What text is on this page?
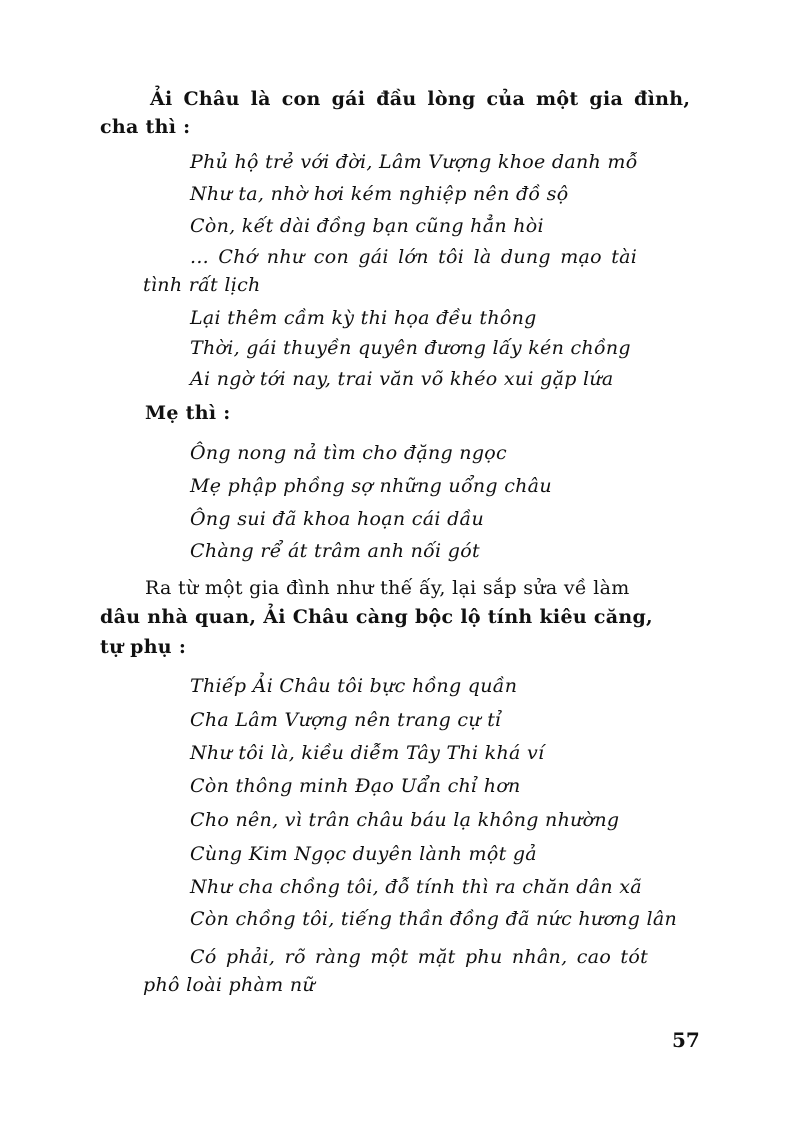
Ải Châu là con gái đầu lòng của một gia đình,
cha thì :
Phủ hộ trẻ với đời, Lâm Vượng khoe danh mỗ
Như ta, nhờ hơi kém nghiệp nên đồ sộ
Còn, kết dài đồng bạn cũng hẳn hòi
... Chớ như con gái lớn tôi là dung mạo tài
tình rất lịch
Lại thêm cầm kỳ thi họa đều thông
Thời, gái thuyền quyên đương lấy kén chồng
Ai ngờ tới nay, trai văn võ khéo xui gặp lứa
Mẹ thì :
Ông nong nả tìm cho đặng ngọc
Mẹ phập phồng sợ những uổng châu
Ông sui đã khoa hoạn cái dầu
Chàng rể át trâm anh nối gót
Ra từ một gia đình như thế ấy, lại sắp sửa về làm
dâu nhà quan, Ải Châu càng bộc lộ tính kiêu căng,
tự phụ :
Thiếp Ải Châu tôi bực hồng quần
Cha Lâm Vượng nên trang cự tỉ
Như tôi là, kiều diễm Tây Thi khá ví
Còn thông minh Đạo Uẩn chỉ hơn
Cho nên, vì trân châu báu lạ không nhường
Cùng Kim Ngọc duyên lành một gả
Như cha chồng tôi, đỗ tính thì ra chăn dân xã
Còn chồng tôi, tiếng thần đồng đã nức hương lân
Có phải, rõ ràng một mặt phu nhân, cao tót
phô loài phàm nữ
57
